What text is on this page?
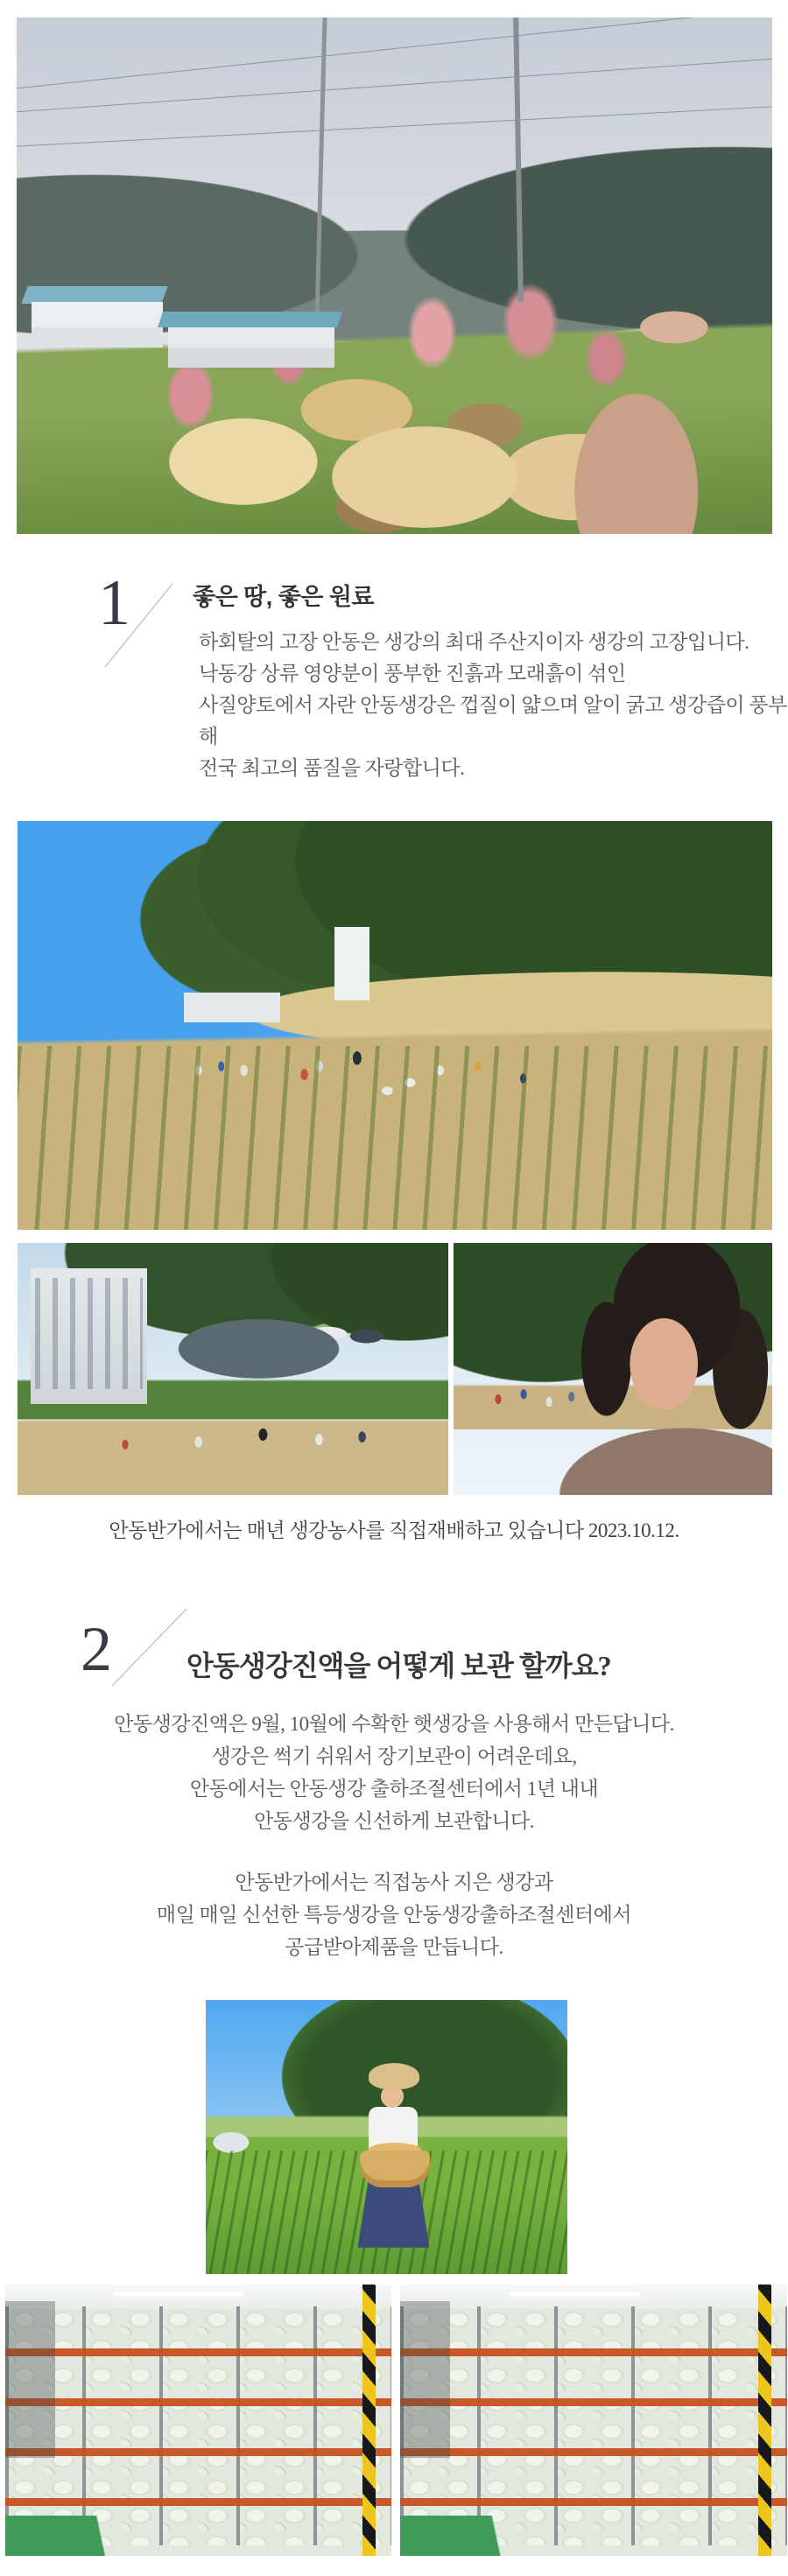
1	좋은 땅, 좋은 원료
하회탈의 고장 안동은 생강의 최대 주산지이자 생강의 고장입니다.
낙동강 상류 영양분이 풍부한 진흙과 모래흙이 섞인
사질양토에서 자란 안동생강은 껍질이 얇으며 알이 굵고 생강즙이 풍부해
전국 최고의 품질을 자랑합니다.
안동반가에서는 매년 생강농사를 직접재배하고 있습니다 2023.10.12.
2	안동생강진액을 어떻게 보관 할까요?
안동생강진액은 9월, 10월에 수확한 햇생강을 사용해서 만든답니다.
생강은 썩기 쉬워서 장기보관이 어려운데요,
안동에서는 안동생강 출하조절센터에서 1년 내내
안동생강을 신선하게 보관합니다.
안동반가에서는 직접농사 지은 생강과
매일 매일 신선한 특등생강을 안동생강출하조절센터에서
공급받아제품을 만듭니다.
